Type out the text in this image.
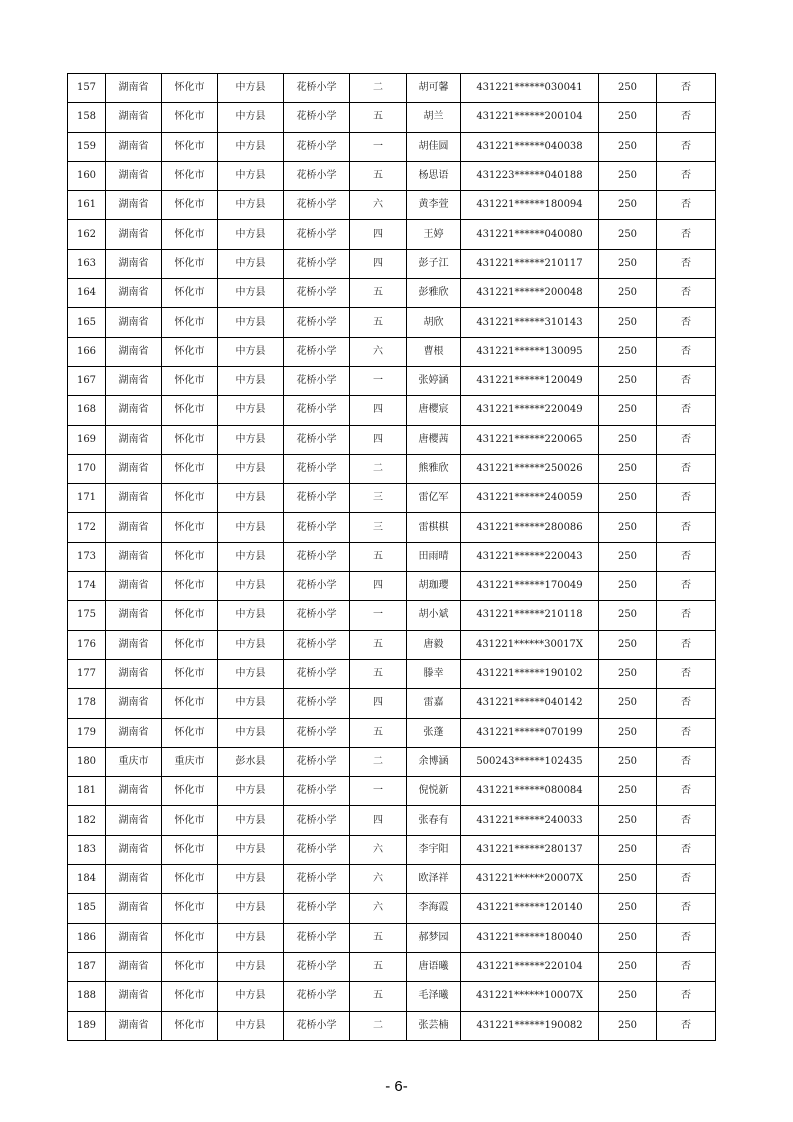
157	湖南省	怀化市	中方县	花桥小学	二	胡可馨	431221******030041	250	否
158	湖南省	怀化市	中方县	花桥小学	五	胡兰	431221******200104	250	否
159	湖南省	怀化市	中方县	花桥小学	一	胡佳圆	431221******040038	250	否
160	湖南省	怀化市	中方县	花桥小学	五	杨思语	431223******040188	250	否
161	湖南省	怀化市	中方县	花桥小学	六	黄李萱	431221******180094	250	否
162	湖南省	怀化市	中方县	花桥小学	四	王婷	431221******040080	250	否
163	湖南省	怀化市	中方县	花桥小学	四	彭子江	431221******210117	250	否
164	湖南省	怀化市	中方县	花桥小学	五	彭雅欣	431221******200048	250	否
165	湖南省	怀化市	中方县	花桥小学	五	胡欣	431221******310143	250	否
166	湖南省	怀化市	中方县	花桥小学	六	曹根	431221******130095	250	否
167	湖南省	怀化市	中方县	花桥小学	一	张婷涵	431221******120049	250	否
168	湖南省	怀化市	中方县	花桥小学	四	唐樱宸	431221******220049	250	否
169	湖南省	怀化市	中方县	花桥小学	四	唐樱茜	431221******220065	250	否
170	湖南省	怀化市	中方县	花桥小学	二	熊雅欣	431221******250026	250	否
171	湖南省	怀化市	中方县	花桥小学	三	雷亿军	431221******240059	250	否
172	湖南省	怀化市	中方县	花桥小学	三	雷棋棋	431221******280086	250	否
173	湖南省	怀化市	中方县	花桥小学	五	田雨晴	431221******220043	250	否
174	湖南省	怀化市	中方县	花桥小学	四	胡珈璎	431221******170049	250	否
175	湖南省	怀化市	中方县	花桥小学	一	胡小斌	431221******210118	250	否
176	湖南省	怀化市	中方县	花桥小学	五	唐毅	431221******30017X	250	否
177	湖南省	怀化市	中方县	花桥小学	五	滕幸	431221******190102	250	否
178	湖南省	怀化市	中方县	花桥小学	四	雷嘉	431221******040142	250	否
179	湖南省	怀化市	中方县	花桥小学	五	张蓬	431221******070199	250	否
180	重庆市	重庆市	彭水县	花桥小学	二	余博涵	500243******102435	250	否
181	湖南省	怀化市	中方县	花桥小学	一	倪悦新	431221******080084	250	否
182	湖南省	怀化市	中方县	花桥小学	四	张春有	431221******240033	250	否
183	湖南省	怀化市	中方县	花桥小学	六	李宇阳	431221******280137	250	否
184	湖南省	怀化市	中方县	花桥小学	六	欧泽祥	431221******20007X	250	否
185	湖南省	怀化市	中方县	花桥小学	六	李海霞	431221******120140	250	否
186	湖南省	怀化市	中方县	花桥小学	五	郝梦园	431221******180040	250	否
187	湖南省	怀化市	中方县	花桥小学	五	唐语曦	431221******220104	250	否
188	湖南省	怀化市	中方县	花桥小学	五	毛泽曦	431221******10007X	250	否
189	湖南省	怀化市	中方县	花桥小学	二	张芸楠	431221******190082	250	否
- 6-
